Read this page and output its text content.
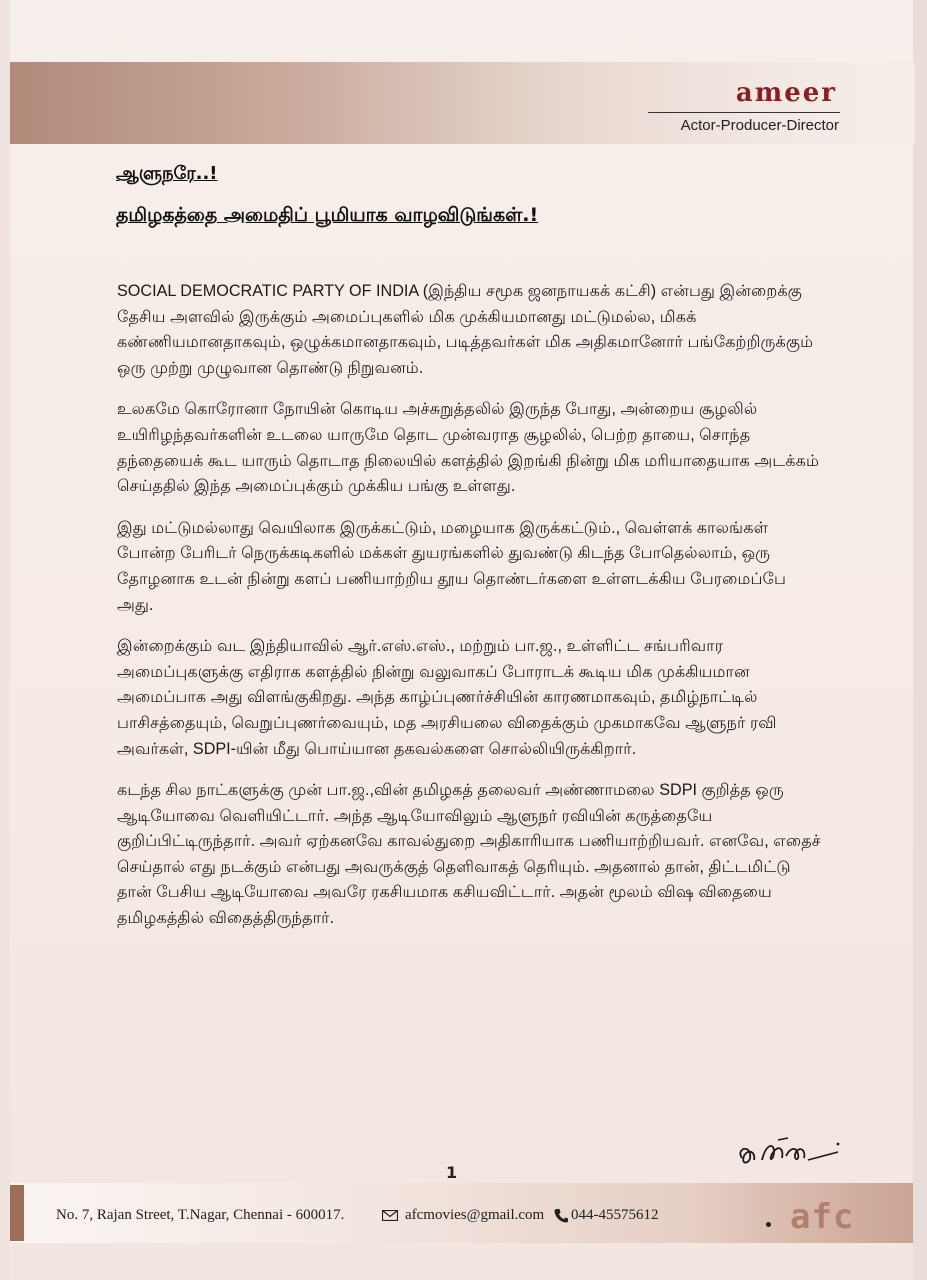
ameer
Actor-Producer-Director
ஆளுநரே..!
தமிழகத்தை அமைதிப் பூமியாக வாழவிடுங்கள்.!

SOCIAL DEMOCRATIC PARTY OF INDIA (இந்திய சமூக ஜனநாயகக் கட்சி) என்பது இன்றைக்கு தேசிய அளவில் இருக்கும் அமைப்புகளில் மிக முக்கியமானது மட்டுமல்ல, மிகக் கண்ணியமானதாகவும், ஒழுக்கமானதாகவும், படித்தவர்கள் மிக அதிகமானோர் பங்கேற்றிருக்கும் ஒரு முற்று முழுவான தொண்டு நிறுவனம்.

உலகமே கொரோனா நோயின் கொடிய அச்சுறுத்தலில் இருந்த போது, அன்றைய சூழலில் உயிரிழந்தவர்களின் உடலை யாருமே தொட முன்வராத சூழலில், பெற்ற தாயை, சொந்த தந்தையைக் கூட யாரும் தொடாத நிலையில் களத்தில் இறங்கி நின்று மிக மரியாதையாக அடக்கம் செய்ததில் இந்த அமைப்புக்கும் முக்கிய பங்கு உள்ளது.

இது மட்டுமல்லாது வெயிலாக இருக்கட்டும், மழையாக இருக்கட்டும்., வெள்ளக் காலங்கள் போன்ற பேரிடர் நெருக்கடிகளில் மக்கள் துயரங்களில் துவண்டு கிடந்த போதெல்லாம், ஒரு தோழனாக உடன் நின்று களப் பணியாற்றிய தூய தொண்டர்களை உள்ளடக்கிய பேரமைப்பே அது.

இன்றைக்கும் வட இந்தியாவில் ஆர்.எஸ்.எஸ்., மற்றும் பா.ஜ., உள்ளிட்ட சங்பரிவார அமைப்புகளுக்கு எதிராக களத்தில் நின்று வலுவாகப் போராடக் கூடிய மிக முக்கியமான அமைப்பாக அது விளங்குகிறது. அந்த காழ்ப்புணர்ச்சியின் காரணமாகவும், தமிழ்நாட்டில் பாசிசத்தையும், வெறுப்புணர்வையும், மத அரசியலை விதைக்கும் முகமாகவே ஆளுநர் ரவி அவர்கள், SDPI-யின் மீது பொய்யான தகவல்களை சொல்லியிருக்கிறார்.

கடந்த சில நாட்களுக்கு முன் பா.ஜ.,வின் தமிழகத் தலைவர் அண்ணாமலை SDPI குறித்த ஒரு ஆடியோவை வெளியிட்டார். அந்த ஆடியோவிலும் ஆளுநர் ரவியின் கருத்தையே குறிப்பிட்டிருந்தார். அவர் ஏற்கனவே காவல்துறை அதிகாரியாக பணியாற்றியவர். எனவே, எதைச் செய்தால் எது நடக்கும் என்பது அவருக்குத் தெளிவாகத் தெரியும். அதனால் தான், திட்டமிட்டு தான் பேசிய ஆடியோவை அவரே ரகசியமாக கசியவிட்டார். அதன் மூலம் விஷ விதையை தமிழகத்தில் விதைத்திருந்தார்.

1
No. 7, Rajan Street, T.Nagar, Chennai - 600017.	afcmovies@gmail.com 044-45575612	afc
